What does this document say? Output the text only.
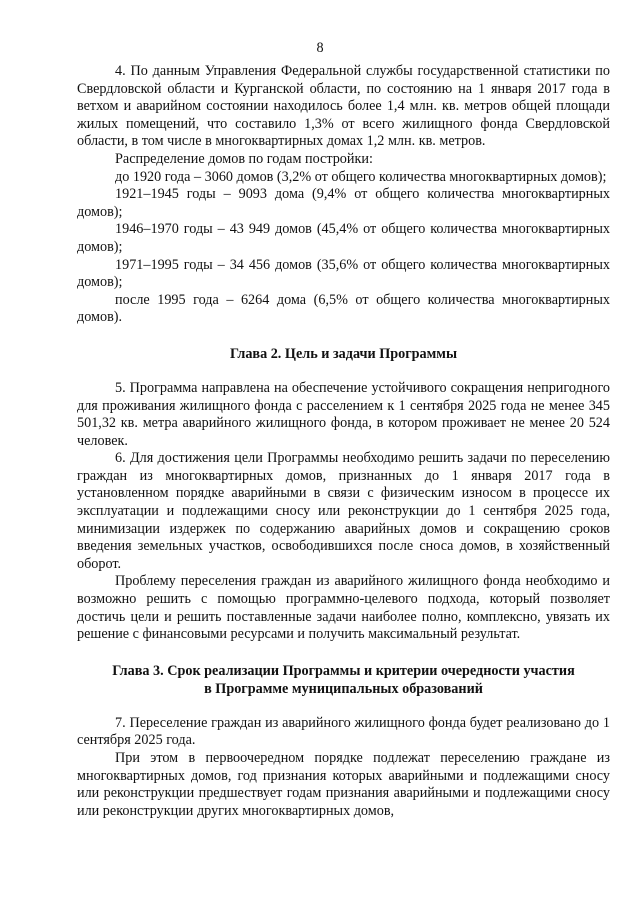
8

4. По данным Управления Федеральной службы государственной статистики по Свердловской области и Курганской области, по состоянию на 1 января 2017 года в ветхом и аварийном состоянии находилось более 1,4 млн. кв. метров общей площади жилых помещений, что составило 1,3% от всего жилищного фонда Свердловской области, в том числе в многоквартирных домах 1,2 млн. кв. метров.

Распределение домов по годам постройки:

до 1920 года – 3060 домов (3,2% от общего количества многоквартирных домов);

1921–1945 годы – 9093 дома (9,4% от общего количества многоквартирных домов);

1946–1970 годы – 43 949 домов (45,4% от общего количества многоквартирных домов);

1971–1995 годы – 34 456 домов (35,6% от общего количества многоквартирных домов);

после 1995 года – 6264 дома (6,5% от общего количества многоквартирных домов).

Глава 2. Цель и задачи Программы

5. Программа направлена на обеспечение устойчивого сокращения непригодного для проживания жилищного фонда с расселением к 1 сентября 2025 года не менее 345 501,32 кв. метра аварийного жилищного фонда, в котором проживает не менее 20 524 человек.

6. Для достижения цели Программы необходимо решить задачи по переселению граждан из многоквартирных домов, признанных до 1 января 2017 года в установленном порядке аварийными в связи с физическим износом в процессе их эксплуатации и подлежащими сносу или реконструкции до 1 сентября 2025 года, минимизации издержек по содержанию аварийных домов и сокращению сроков введения земельных участков, освободившихся после сноса домов, в хозяйственный оборот.

Проблему переселения граждан из аварийного жилищного фонда необходимо и возможно решить с помощью программно-целевого подхода, который позволяет достичь цели и решить поставленные задачи наиболее полно, комплексно, увязать их решение с финансовыми ресурсами и получить максимальный результат.

Глава 3. Срок реализации Программы и критерии очередности участия
в Программе муниципальных образований

7. Переселение граждан из аварийного жилищного фонда будет реализовано до 1 сентября 2025 года.

При этом в первоочередном порядке подлежат переселению граждане из многоквартирных домов, год признания которых аварийными и подлежащими сносу или реконструкции предшествует годам признания аварийными и подлежащими сносу или реконструкции других многоквартирных домов,
